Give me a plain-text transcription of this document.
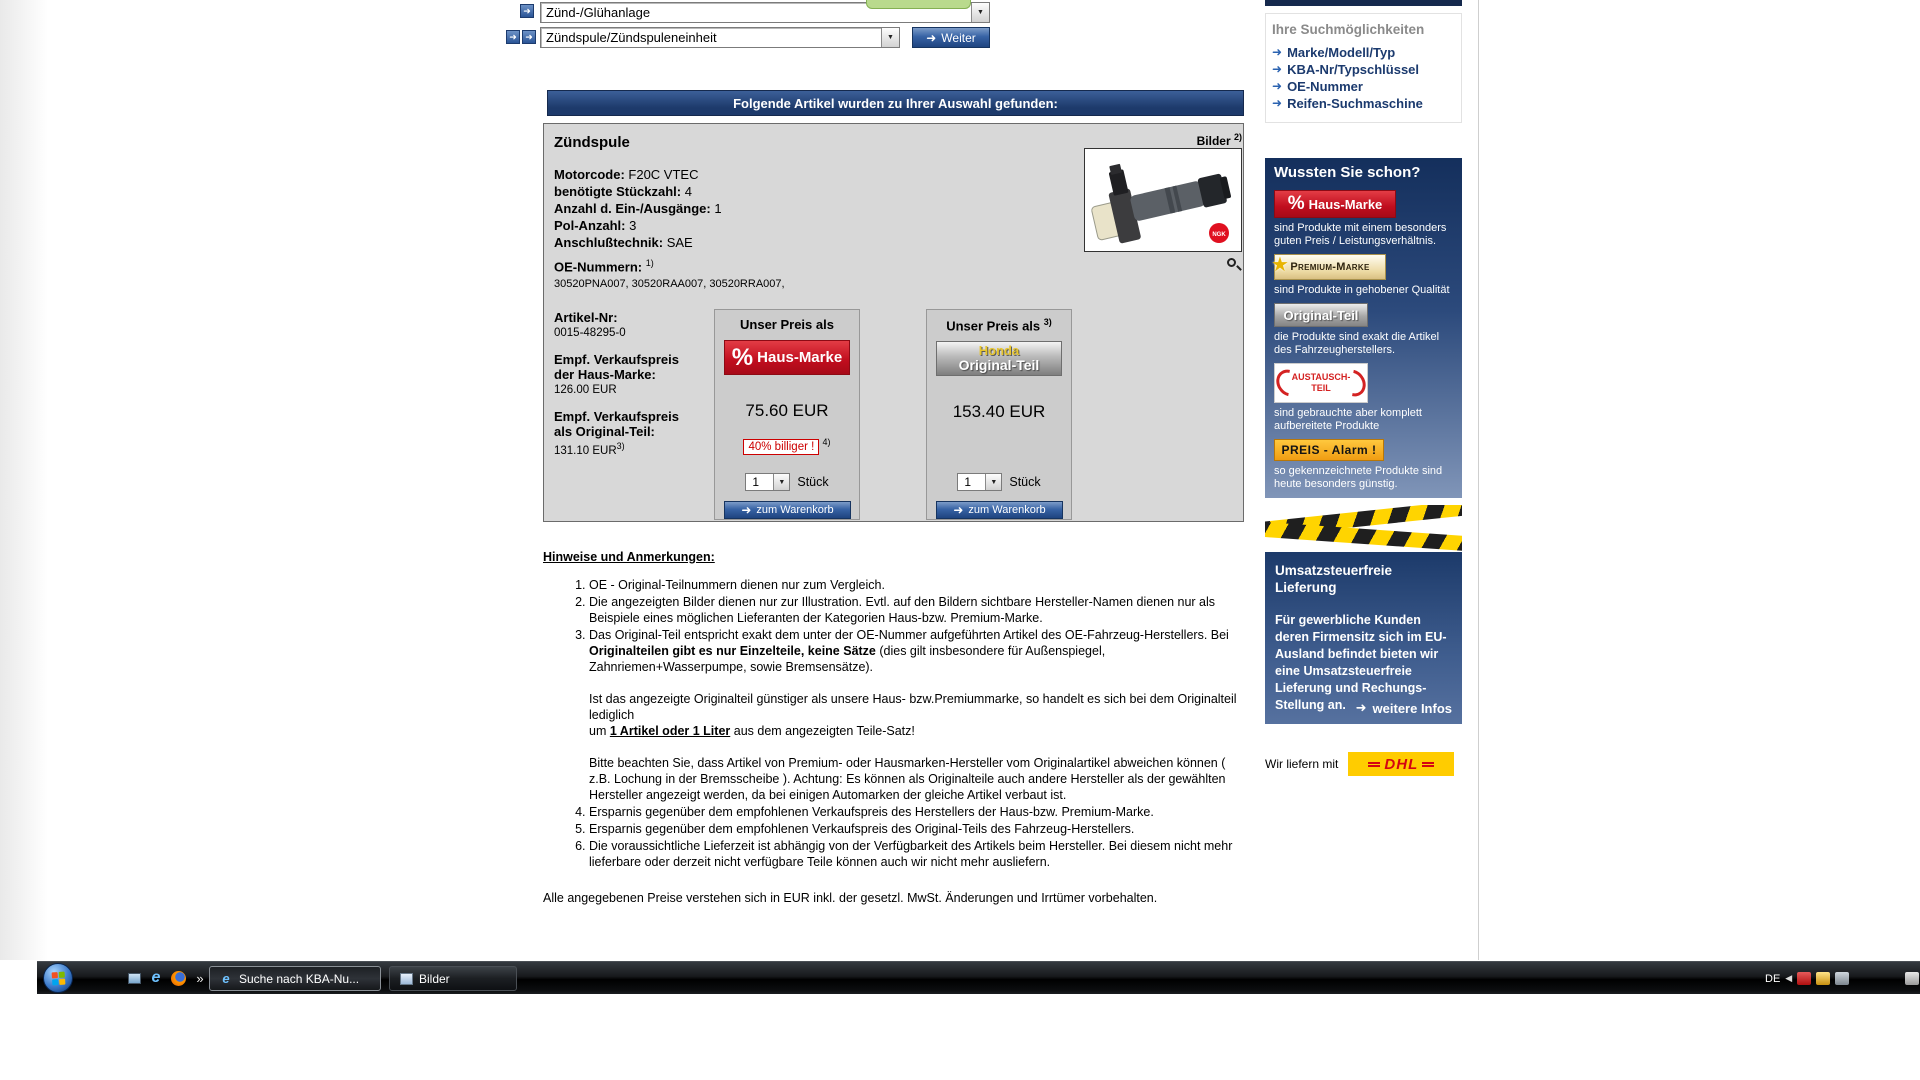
➜	Zünd-/Glühanlage	▼
➜ ➜	Zündspule/Zündspuleneinheit	▼	➜ Weiter
Folgende Artikel wurden zu Ihrer Auswahl gefunden:
Zündspule
Motorcode: F20C VTEC
benötigte Stückzahl: 4
Anzahl d. Ein-/Ausgänge: 1
Pol-Anzahl: 3
Anschlußtechnik: SAE
OE-Nummern: $^{1)}$
30520PNA007, 30520RAA007, 30520RRA007,
Artikel-Nr:
0015-48295-0
Empf. Verkaufspreis
der Haus-Marke:
126.00 EUR
Empf. Verkaufspreis
als Original-Teil:
131.10 EUR$^{3)}$
Unser Preis als
% Haus-Marke
75.60 EUR
40% billiger ! $^{4)}$
1	▼ Stück
➜ zum Warenkorb
Unser Preis als $^{3)}$
Honda
Original-Teil
153.40 EUR
1	▼ Stück
➜ zum Warenkorb
Bilder $^{2)}$
NGK
Hinweise und Anmerkungen:
1. OE - Original-Teilnummern dienen nur zum Vergleich.
2. Die angezeigten Bilder dienen nur zur Illustration. Evtl. auf den Bildern sichtbare Hersteller-Namen dienen nur als Beispiele eines möglichen Lieferanten der Kategorien Haus-bzw. Premium-Marke.
3. Das Original-Teil entspricht exakt dem unter der OE-Nummer aufgeführten Artikel des OE-Fahrzeug-Herstellers. Bei Originalteilen gibt es nur Einzelteile, keine Sätze (dies gilt insbesondere für Außenspiegel, Zahnriemen+Wasserpumpe, sowie Bremsensätze).
Ist das angezeigte Originalteil günstiger als unsere Haus- bzw.Premiummarke, so handelt es sich bei dem Originalteil lediglich
um 1 Artikel oder 1 Liter aus dem angezeigten Teile-Satz!
Bitte beachten Sie, dass Artikel von Premium- oder Hausmarken-Hersteller vom Originalartikel abweichen können ( z.B. Lochung in der Bremsscheibe ). Achtung: Es können als Originalteile auch andere Hersteller als der gewählten Hersteller angezeigt werden, da bei einigen Automarken der gleiche Artikel verbaut ist.
4. Ersparnis gegenüber dem empfohlenen Verkaufspreis des Herstellers der Haus-bzw. Premium-Marke.
5. Ersparnis gegenüber dem empfohlenen Verkaufspreis des Original-Teils des Fahrzeug-Herstellers.
6. Die voraussichtliche Lieferzeit ist abhängig von der Verfügbarkeit des Artikels beim Hersteller. Bei diesem nicht mehr lieferbare oder derzeit nicht verfügbare Teile können auch wir nicht mehr ausliefern.
Alle angegebenen Preise verstehen sich in EUR inkl. der gesetzl. MwSt. Änderungen und Irrtümer vorbehalten.
Ihre Suchmöglichkeiten
➜ Marke/Modell/Typ
➜ KBA-Nr/Typschlüssel
➜ OE-Nummer
➜ Reifen-Suchmaschine
Wussten Sie schon?
% Haus-Marke
sind Produkte mit einem besonders guten Preis / Leistungsverhältnis.
★ Premium-Marke
sind Produkte in gehobener Qualität
Original-Teil
die Produkte sind exakt die Artikel des Fahrzeugherstellers.
AUSTAUSCH-
TEIL
sind gebrauchte aber komplett aufbereitete Produkte
PREIS - Alarm !
so gekennzeichnete Produkte sind heute besonders günstig.
Umsatzsteuerfreie
Lieferung
Für gewerbliche Kunden deren Firmensitz sich im EU-Ausland befindet bieten wir eine Umsatzsteuerfreie Lieferung und Rechungs-Stellung an. ➜ weitere Infos
Wir liefern mit	DHL
e	»	e Suche nach KBA-Nu...	Bilder	DE ◀
